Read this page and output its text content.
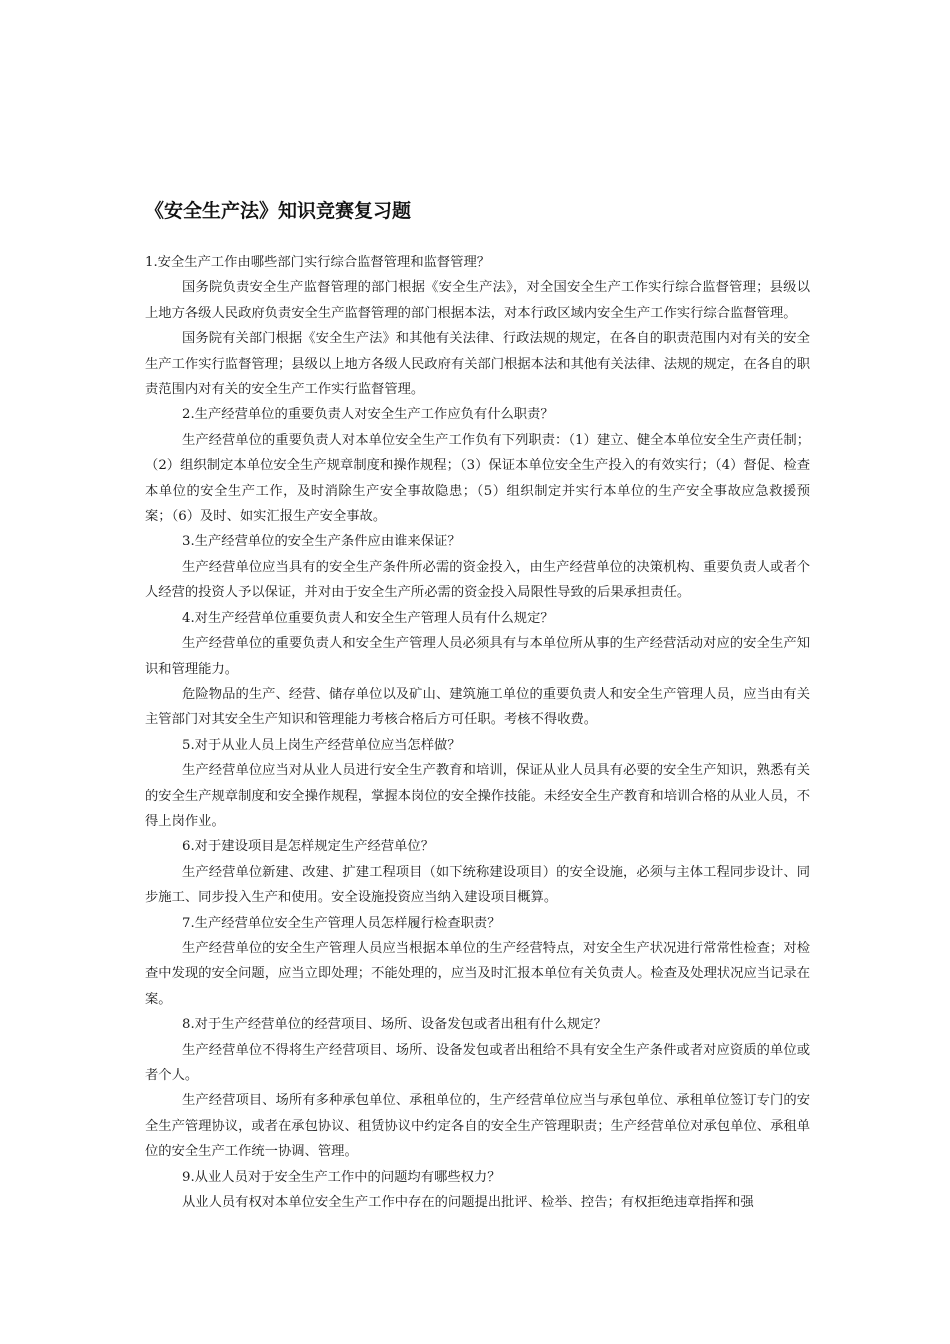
《安全生产法》知识竞赛复习题

1.安全生产工作由哪些部门实行综合监督管理和监督管理？

国务院负责安全生产监督管理的部门根据《安全生产法》，对全国安全生产工作实行综合监督管理；县级以上地方各级人民政府负责安全生产监督管理的部门根据本法，对本行政区域内安全生产工作实行综合监督管理。

国务院有关部门根据《安全生产法》和其他有关法律、行政法规的规定，在各自的职责范围内对有关的安全生产工作实行监督管理；县级以上地方各级人民政府有关部门根据本法和其他有关法律、法规的规定，在各自的职责范围内对有关的安全生产工作实行监督管理。

2.生产经营单位的重要负责人对安全生产工作应负有什么职责？

生产经营单位的重要负责人对本单位安全生产工作负有下列职责：（1）建立、健全本单位安全生产责任制；（2）组织制定本单位安全生产规章制度和操作规程；（3）保证本单位安全生产投入的有效实行；（4）督促、检查本单位的安全生产工作，及时消除生产安全事故隐患；（5）组织制定并实行本单位的生产安全事故应急救援预案；（6）及时、如实汇报生产安全事故。

3.生产经营单位的安全生产条件应由谁来保证？

生产经营单位应当具有的安全生产条件所必需的资金投入，由生产经营单位的决策机构、重要负责人或者个人经营的投资人予以保证，并对由于安全生产所必需的资金投入局限性导致的后果承担责任。

4.对生产经营单位重要负责人和安全生产管理人员有什么规定？

生产经营单位的重要负责人和安全生产管理人员必须具有与本单位所从事的生产经营活动对应的安全生产知识和管理能力。

危险物品的生产、经营、储存单位以及矿山、建筑施工单位的重要负责人和安全生产管理人员，应当由有关主管部门对其安全生产知识和管理能力考核合格后方可任职。考核不得收费。

5.对于从业人员上岗生产经营单位应当怎样做？

生产经营单位应当对从业人员进行安全生产教育和培训，保证从业人员具有必要的安全生产知识，熟悉有关的安全生产规章制度和安全操作规程，掌握本岗位的安全操作技能。未经安全生产教育和培训合格的从业人员，不得上岗作业。

6.对于建设项目是怎样规定生产经营单位？

生产经营单位新建、改建、扩建工程项目（如下统称建设项目）的安全设施，必须与主体工程同步设计、同步施工、同步投入生产和使用。安全设施投资应当纳入建设项目概算。

7.生产经营单位安全生产管理人员怎样履行检查职责？

生产经营单位的安全生产管理人员应当根据本单位的生产经营特点，对安全生产状况进行常常性检查；对检查中发现的安全问题，应当立即处理；不能处理的，应当及时汇报本单位有关负责人。检查及处理状况应当记录在案。

8.对于生产经营单位的经营项目、场所、设备发包或者出租有什么规定？

生产经营单位不得将生产经营项目、场所、设备发包或者出租给不具有安全生产条件或者对应资质的单位或者个人。

生产经营项目、场所有多种承包单位、承租单位的，生产经营单位应当与承包单位、承租单位签订专门的安全生产管理协议，或者在承包协议、租赁协议中约定各自的安全生产管理职责；生产经营单位对承包单位、承租单位的安全生产工作统一协调、管理。

9.从业人员对于安全生产工作中的问题均有哪些权力？

从业人员有权对本单位安全生产工作中存在的问题提出批评、检举、控告；有权拒绝违章指挥和强
